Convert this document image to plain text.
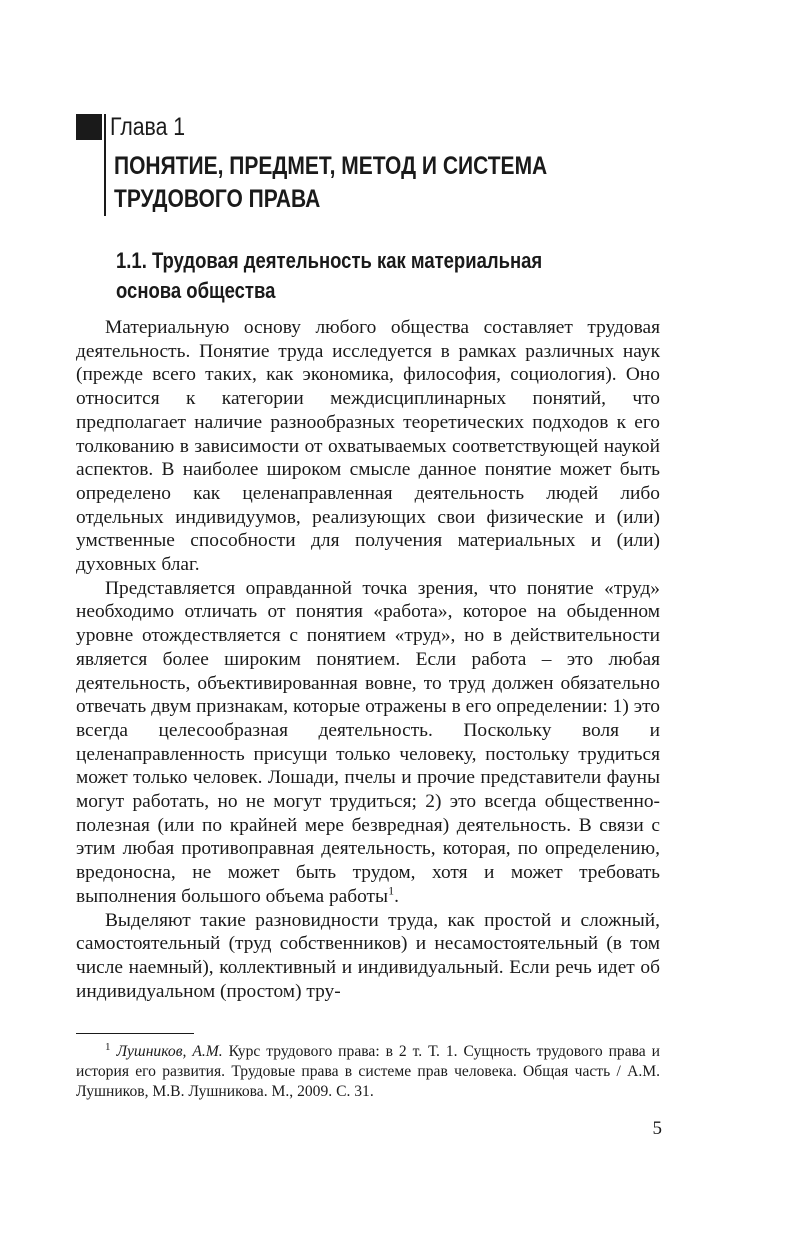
Глава 1
ПОНЯТИЕ, ПРЕДМЕТ, МЕТОД И СИСТЕМА
ТРУДОВОГО ПРАВА
1.1. Трудовая деятельность как материальная
основа общества

Материальную основу любого общества составляет трудовая деятельность. Понятие труда исследуется в рамках различных наук (прежде всего таких, как экономика, философия, социология). Оно относится к категории междисциплинарных понятий, что предполагает наличие разнообразных теоретических подходов к его толкованию в зависимости от охватываемых соответствующей наукой аспектов. В наиболее широком смысле данное понятие может быть определено как целенаправленная деятельность людей либо отдельных индивидуумов, реализующих свои физические и (или) умственные способности для получения материальных и (или) духовных благ.

Представляется оправданной точка зрения, что понятие «труд» необходимо отличать от понятия «работа», которое на обыденном уровне отождествляется с понятием «труд», но в действительности является более широким понятием. Если работа – это любая деятельность, объективированная вовне, то труд должен обязательно отвечать двум признакам, которые отражены в его определении: 1) это всегда целесообразная деятельность. Поскольку воля и целенаправленность присущи только человеку, постольку трудиться может только человек. Лошади, пчелы и прочие представители фауны могут работать, но не могут трудиться; 2) это всегда общественно-полезная (или по крайней мере безвредная) деятельность. В связи с этим любая противоправная деятельность, которая, по определению, вредоносна, не может быть трудом, хотя и может требовать выполнения большого объема работы$^1$.

Выделяют такие разновидности труда, как простой и сложный, самостоятельный (труд собственников) и несамостоятельный (в том числе наемный), коллективный и индивидуальный. Если речь идет об индивидуальном (простом) тру-

$^1$ Лушников, А.М. Курс трудового права: в 2 т. Т. 1. Сущность трудового права и история его развития. Трудовые права в системе прав человека. Общая часть / А.М. Лушников, М.В. Лушникова. М., 2009. С. 31.
5
